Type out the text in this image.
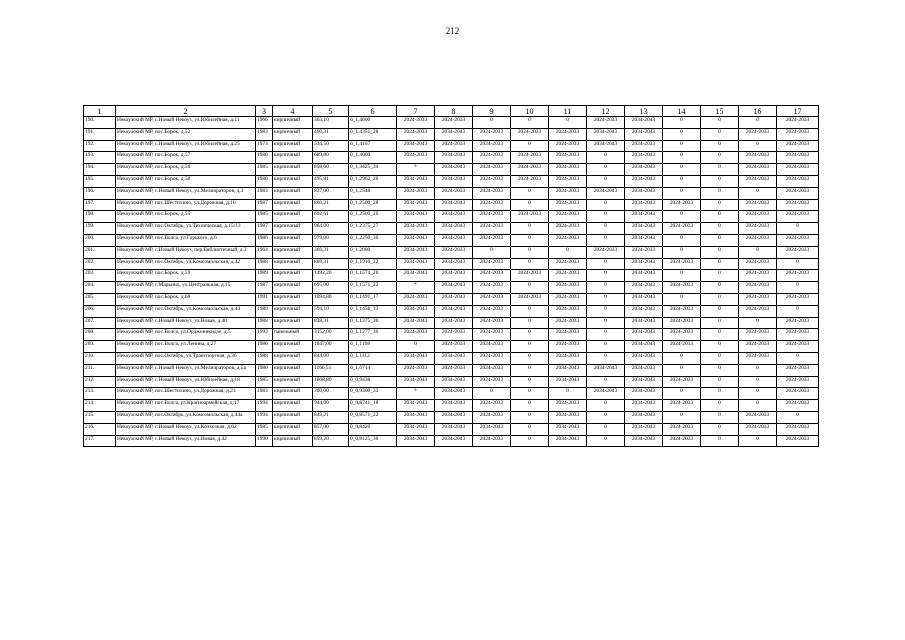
212
1	2	3	4	5	6	7	8	9	10	11	12	13	14	15	16	17
190.	Некоузский МР, с.Новый Некоуз, ул.Юбилейная, д.11	1966	кирпичный	363,10	0_1,4000	2024-2033	2024-2033	0	0	0	2024-2033	2034-2043	0	0	0	2024-2033
191.	Некоузский МР, пос.Борок, д.52	1983	кирпичный	490,31	0_1,4351_28	2024-2033	2034-2043	2024-2033	2024-2033	2024-2033	2034-2043	2034-2043	0	0	2024-2033	2024-2033
192.	Некоузский МР, с.Новый Некоуз, ул.Юбилейная, д.25	1973	кирпичный	534,50	0_1,4167	2034-2043	2024-2033	2024-2033	0	2024-2033	2034-2043	2024-2033	0	0	0	2024-2033
193.	Некоузский МР, пос.Борок, д.57	1986	кирпичный	689,80	0_1,4000	2024-2033	2034-2043	2024-2033	2024-2033	2024-2033	0	2034-2043	0	0	2024-2033	2024-2033
194.	Некоузский МР, пос.Борок, д.56	1985	кирпичный	858,60	0_1,3425_34	*	2034-2043	2024-2033	2024-2033	2024-2033	0	2034-2043	0	0	2024-2033	2024-2033
195.	Некоузский МР, пос.Борок, д.58	1986	кирпичный	495,81	0_1,2962_26	2034-2043	2034-2043	2024-2033	2024-2033	2024-2033	0	2034-2043	0	0	2024-2033	2024-2033
196.	Некоузский МР, с.Новый Некоуз, ул.Мелиораторов, д.3	1983	кирпичный	837,00	0_1,2548	2024-2033	2024-2033	2024-2033	0	2024-2033	2034-2043	2034-2043	0	0	0	2024-2033
197.	Некоузский МР, пос.Шестихино, ул.Дорожная, д.16	1987	кирпичный	860,21	0_1,2500_28	2034-2043	2034-2043	2024-2033	0	2024-2033	0	2034-2043	2024-2033	0	2024-2033	2024-2033
198.	Некоузский МР, пос.Борок, д.55	1985	кирпичный	692,61	0_1,2500_26	2034-2043	2034-2043	2024-2033	2024-2033	2024-2033	0	2034-2043	0	0	2024-2033	2024-2033
199.	Некоузский МР, пос.Октябрь, ул.Техническая, д.15/13	1987	кирпичный	964,00	0_1,2375_27	2034-2043	2034-2043	2024-2033	0	2024-2033	0	2034-2043	2024-2033	0	2024-2033	0
200.	Некоузский МР, пос.Волга, ул.Горького, д.6	1986	кирпичный	979,00	0_1,2250_36	2034-2043	2034-2043	2024-2033	0	2024-2033	0	2034-2043	0	0	2024-2033	2024-2033
201.	Некоузский МР, с.Новый Некоуз, пер.Библиотечный, д.3	1964	кирпичный	369,31	0_1,2000	2034-2043	2024-2033	0	0	0	2024-2033	2024-2033	0	0	0	2024-2033
202.	Некоузский МР, пос.Октябрь, ул.Комсомольская, д.42	1988	кирпичный	869,31	0_1,1916_32	2034-2043	2034-2043	2024-2033	0	2024-2033	0	2034-2043	2024-2033	0	2024-2033	0
203.	Некоузский МР, пос.Борок, д.59	1989	кирпичный	1492,20	0_1,1574_26	2034-2043	2034-2043	2024-2033	2024-2033	2024-2033	0	2034-2043	0	0	2024-2033	2024-2033
204.	Некоузский МР, с.Марьино, ул.Центральная, д.15	1987	кирпичный	695,00	0_1,1571_22	*	2034-2043	2024-2033	0	2024-2033	0	2034-2043	2024-2033	0	2024-2033	0
205.	Некоузский МР, пос.Борок, д.60	1991	кирпичный	1094,80	0_1,1491_17	2024-2033	2034-2043	2024-2033	2024-2033	2024-2033	0	2034-2043	0	0	2024-2033	2024-2033
206.	Некоузский МР, пос.Октябрь, ул.Комсомольская, д.44	1989	кирпичный	594,10	0_1,1458_13	2034-2043	2034-2043	2024-2033	0	2024-2033	0	2034-2043	2024-2033	0	2024-2033	0
207.	Некоузский МР, с.Новый Некоуз, ул.Новая, д.40	1988	кирпичный	838,31	0_1,1375_36	2034-2043	2034-2043	2024-2033	0	2024-2033	0	2034-2043	2024-2033	0	0	2024-2033
208.	Некоузский МР, пос.Волга, ул.Орджоникидзе, д.5	1993	панельный	3152,00	0_1,1277_36	2024-2033	2024-2033	2024-2033	0	2024-2033	0	2034-2043	2024-2033	0	2024-2033	2024-2033
209.	Некоузский МР, пос.Волга, ул.Ленина, д.27	1986	кирпичный	1847,00	0_1,1198	0	2024-2033	2024-2033	0	2024-2033	0	2034-2043	2024-2033	0	2024-2033	2024-2033
210.	Некоузский МР, пос.Октябрь, ул.Транспортная, д.36	1988	кирпичный	844,00	0_1,1112	2034-2043	2034-2043	2024-2033	0	2024-2033	0	2034-2043	0	0	2024-2033	0
211.	Некоузский МР, с.Новый Некоуз, ул.Мелиораторов, д.5а	1980	кирпичный	1166,51	0_1,0714	2024-2033	2024-2033	2024-2033	0	2034-2043	2034-2043	2024-2033	0	0	0	2024-2033
212.	Некоузский МР, с.Новый Некоуз, ул.Юбилейная, д.18	1985	кирпичный	1868,80	0_0,9438	2034-2043	2034-2043	2024-2033	0	2034-2043	0	2034-2043	2024-2033	0	0	2024-2033
213.	Некоузский МР, пос.Шестихино, ул.Дорожная, д.23	1983	кирпичный	300,00	0_0,9300_33	*	2034-2043	0	0	0	2034-2043	2034-2043	0	0	0	2024-2033
214.	Некоузский МР, пос.Волга, ул.Красноармейская, д.17	1994	кирпичный	944,00	0_0,8741_18	2034-2043	2034-2043	2024-2033	0	2024-2033	0	2034-2043	2024-2033	0	0	2024-2033
215.	Некоузский МР, пос.Октябрь, ул.Комсомольская, д.44а	1994	кирпичный	849,21	0_0,8571_22	2034-2043	2034-2043	2024-2033	0	2024-2033	0	2034-2043	0	0	2024-2033	0
216.	Некоузский МР, с.Новый Некоуз, ул.Колхозная, д.62	1985	кирпичный	857,00	0_0,8426	2034-2043	2034-2043	2034-2043	0	2034-2043	0	2034-2043	2024-2033	0	2024-2033	2024-2033
217.	Некоузский МР, с.Новый Некоуз, ул.Новая, д.42	1990	кирпичный	859,20	0_0,8125_36	2034-2043	2034-2043	2024-2033	0	2034-2043	0	2034-2043	2024-2033	0	0	2024-2033
